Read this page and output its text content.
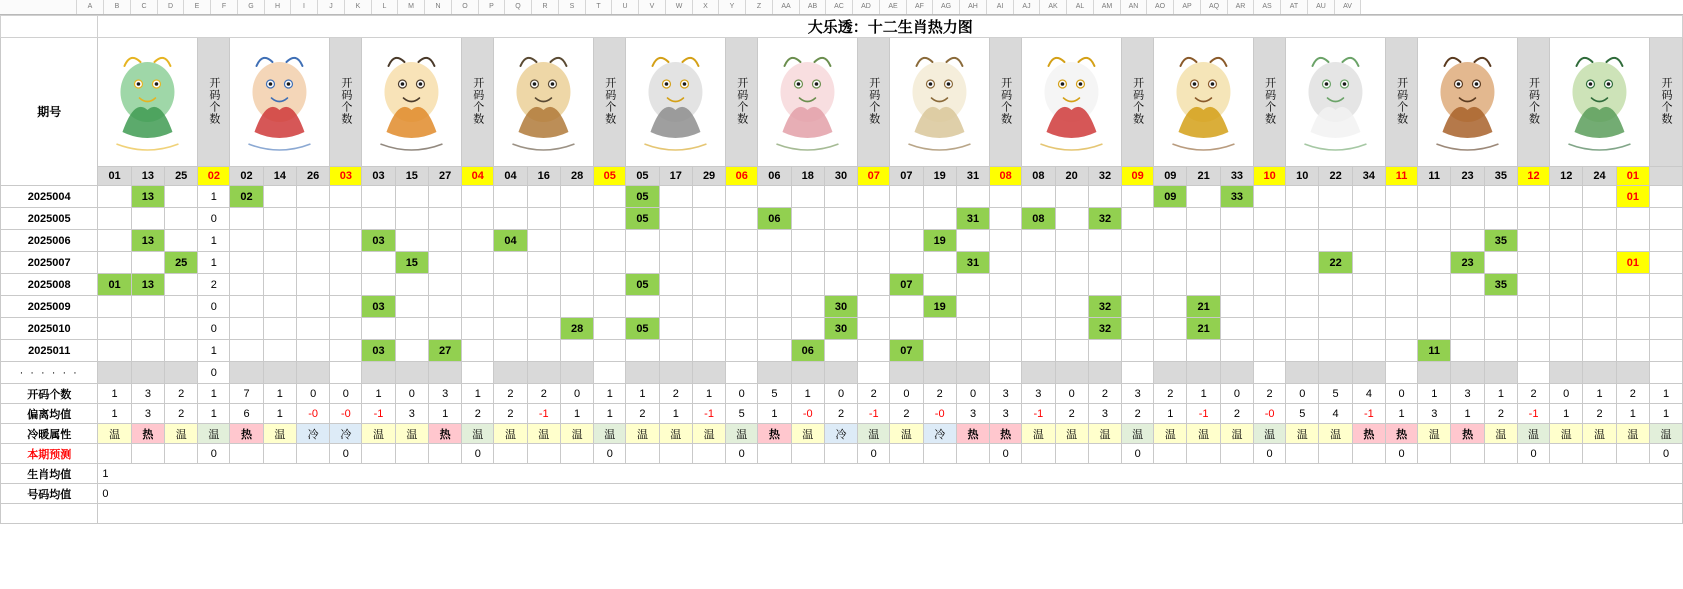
A	B	C	D	E	F	G	H	I	J	K	L	M	N	O	P	Q	R	S	T	U	V	W	X	Y	Z	AA	AB	AC	AD	AE	AF	AG	AH	AI	AJ	AK	AL	AM	AN	AO	AP	AQ	AR	AS	AT	AU	AV
	大乐透：十二生肖热力图																																															
期号				开码个数				开码个数				开码个数				开码个数				开码个数				开码个数				开码个数				开码个数				开码个数				开码个数				开码个数				开码个数
	01	13	25	02	02	14	26	03	03	15	27	04	04	16	28	05	05	17	29	06	06	18	30	07	07	19	31	08	08	20	32	09	09	21	33	10	10	22	34	11	11	23	35	12	12	24	01	
2025004		13		1	02												05																09		33												01	
2025005				0													05				06						31		08		32																	
2025006		13		1					03				04													19																	35					
2025007			25	1						15																	31											22				23					01	
2025008	01	13		2													05								07																		35					
2025009				0					03														30			19					32			21														
2025010				0											28		05						30								32			21														
2025011				1					03		27											06			07																11							
· · · · · ·				0																																												
开码个数	1	3	2	1	7	1	0	0	1	0	3	1	2	2	0	1	1	2	1	0	5	1	0	2	0	2	0	3	3	0	2	3	2	1	0	2	0	5	4	0	1	3	1	2	0	1	2	1
偏离均值	1	3	2	1	6	1	-0	-0	-1	3	1	2	2	-1	1	1	2	1	-1	5	1	-0	2	-1	2	-0	3	3	-1	2	3	2	1	-1	2	-0	5	4	-1	1	3	1	2	-1	1	2	1	1
冷暖属性	温	热	温	温	热	温	冷	冷	温	温	热	温	温	温	温	温	温	温	温	温	热	温	冷	温	温	冷	热	热	温	温	温	温	温	温	温	温	温	温	热	热	温	热	温	温	温	温	温	温
本期预测				0				0				0				0				0				0				0				0				0				0				0				0
生肖均值	1																																															
号码均值	0																																															
